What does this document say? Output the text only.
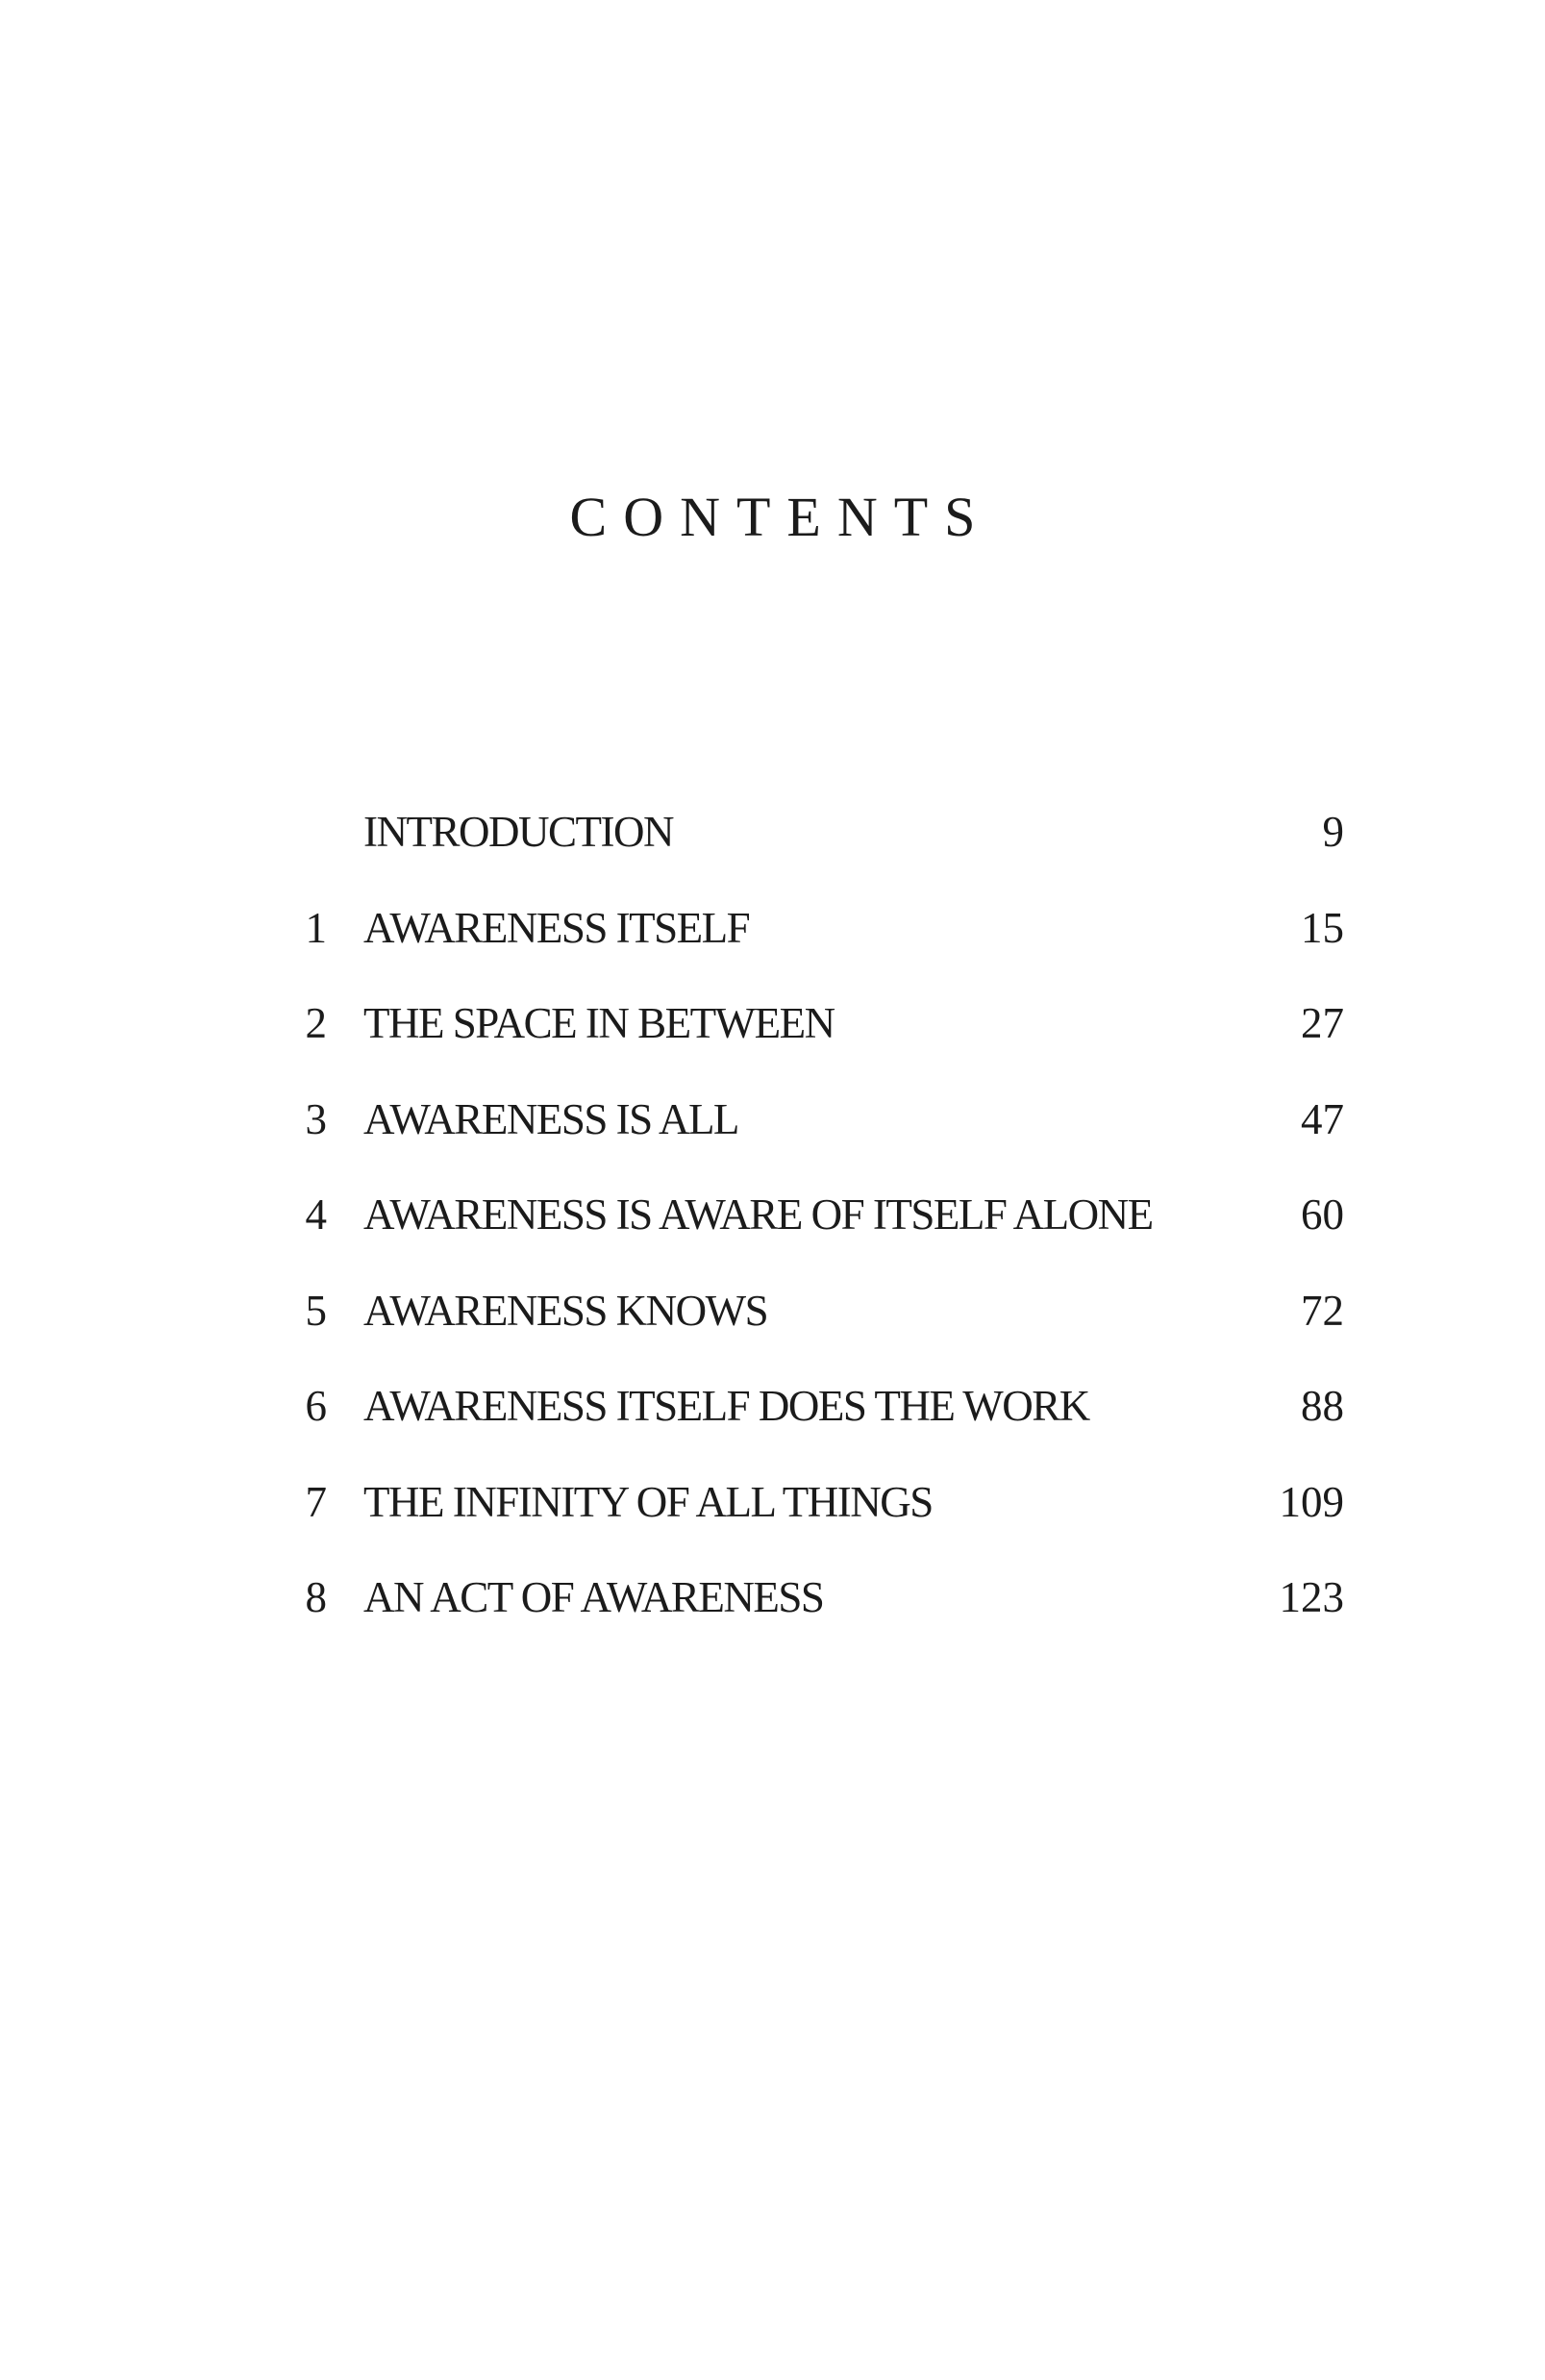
CONTENTS
INTRODUCTION	9
1 AWARENESS ITSELF	15
2 THE SPACE IN BETWEEN	27
3 AWARENESS IS ALL	47
4 AWARENESS IS AWARE OF ITSELF ALONE	60
5 AWARENESS KNOWS	72
6 AWARENESS ITSELF DOES THE WORK	88
7 THE INFINITY OF ALL THINGS	109
8 AN ACT OF AWARENESS	123
